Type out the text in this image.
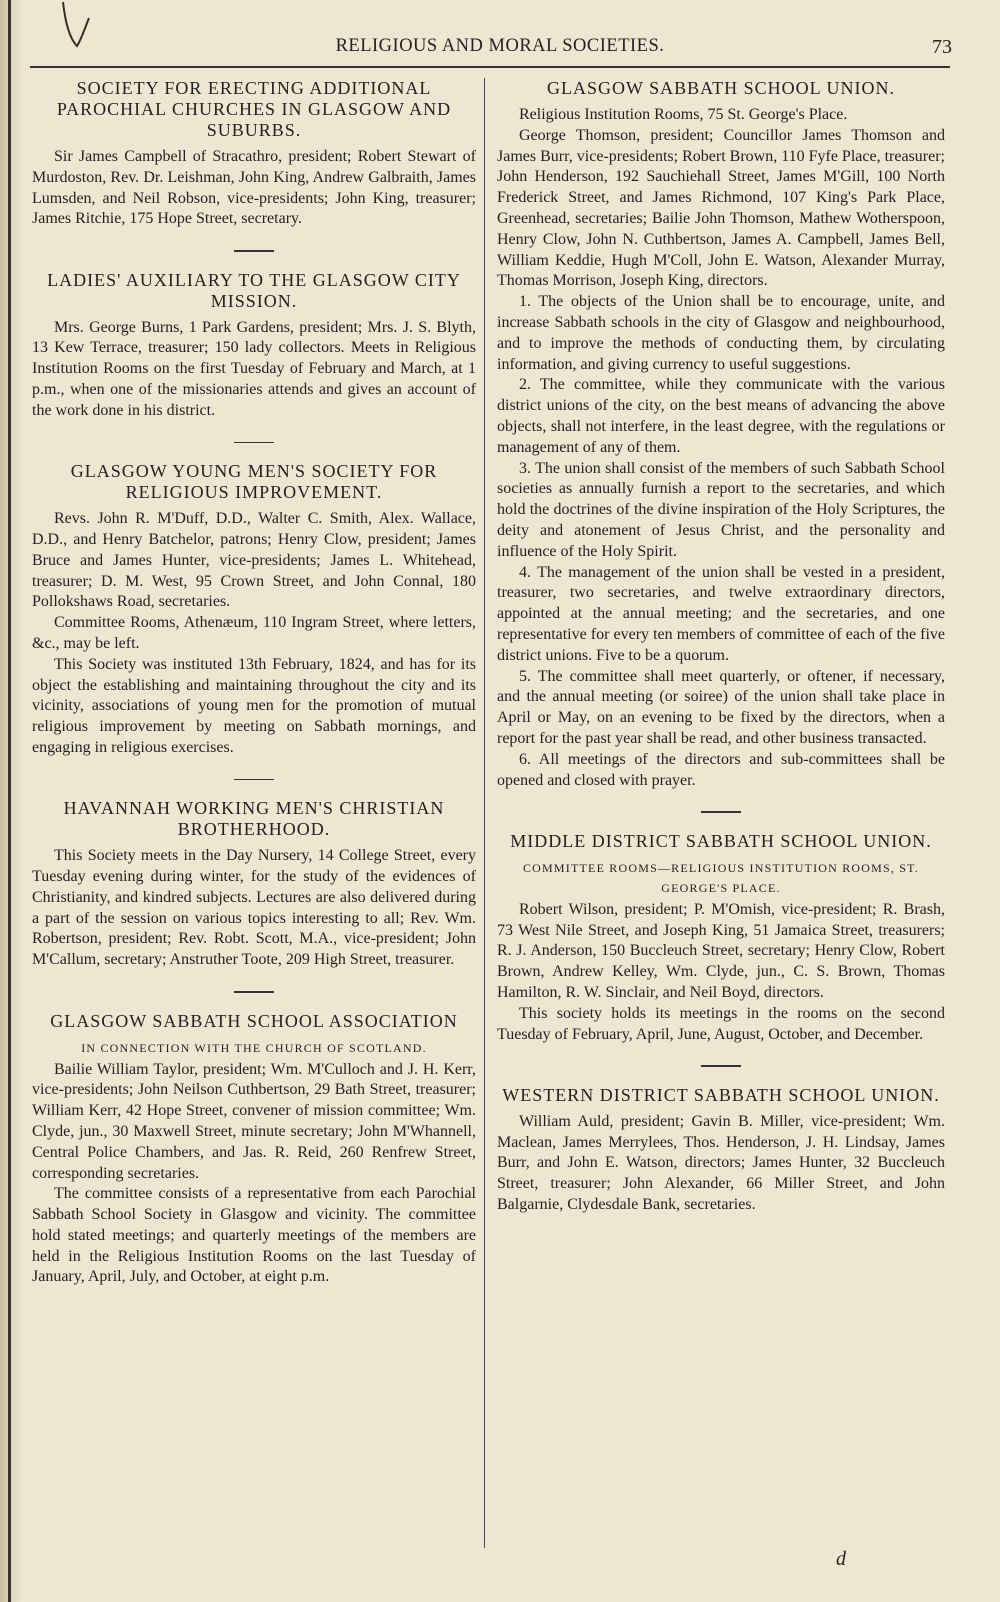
RELIGIOUS AND MORAL SOCIETIES.	73
SOCIETY FOR ERECTING ADDITIONAL PAROCHIAL CHURCHES IN GLASGOW AND SUBURBS.

Sir James Campbell of Stracathro, president; Robert Stewart of Murdoston, Rev. Dr. Leishman, John King, Andrew Galbraith, James Lumsden, and Neil Robson, vice-presidents; John King, treasurer; James Ritchie, 175 Hope Street, secretary.

LADIES' AUXILIARY TO THE GLASGOW CITY MISSION.

Mrs. George Burns, 1 Park Gardens, president; Mrs. J. S. Blyth, 13 Kew Terrace, treasurer; 150 lady collectors. Meets in Religious Institution Rooms on the first Tuesday of February and March, at 1 p.m., when one of the missionaries attends and gives an account of the work done in his district.

GLASGOW YOUNG MEN'S SOCIETY FOR RELIGIOUS IMPROVEMENT.

Revs. John R. M'Duff, D.D., Walter C. Smith, Alex. Wallace, D.D., and Henry Batchelor, patrons; Henry Clow, president; James Bruce and James Hunter, vice-presidents; James L. Whitehead, treasurer; D. M. West, 95 Crown Street, and John Connal, 180 Pollokshaws Road, secretaries.

Committee Rooms, Athenæum, 110 Ingram Street, where letters, &c., may be left.

This Society was instituted 13th February, 1824, and has for its object the establishing and maintaining throughout the city and its vicinity, associations of young men for the promotion of mutual religious improvement by meeting on Sabbath mornings, and engaging in religious exercises.

HAVANNAH WORKING MEN'S CHRISTIAN BROTHERHOOD.

This Society meets in the Day Nursery, 14 College Street, every Tuesday evening during winter, for the study of the evidences of Christianity, and kindred subjects. Lectures are also delivered during a part of the session on various topics interesting to all; Rev. Wm. Robertson, president; Rev. Robt. Scott, M.A., vice-president; John M'Callum, secretary; Anstruther Toote, 209 High Street, treasurer.

GLASGOW SABBATH SCHOOL ASSOCIATION
IN CONNECTION WITH THE CHURCH OF SCOTLAND.

Bailie William Taylor, president; Wm. M'Culloch and J. H. Kerr, vice-presidents; John Neilson Cuthbertson, 29 Bath Street, treasurer; William Kerr, 42 Hope Street, convener of mission committee; Wm. Clyde, jun., 30 Maxwell Street, minute secretary; John M'Whannell, Central Police Chambers, and Jas. R. Reid, 260 Renfrew Street, corresponding secretaries.

The committee consists of a representative from each Parochial Sabbath School Society in Glasgow and vicinity. The committee hold stated meetings; and quarterly meetings of the members are held in the Religious Institution Rooms on the last Tuesday of January, April, July, and October, at eight p.m.

GLASGOW SABBATH SCHOOL UNION.

Religious Institution Rooms, 75 St. George's Place.

George Thomson, president; Councillor James Thomson and James Burr, vice-presidents; Robert Brown, 110 Fyfe Place, treasurer; John Henderson, 192 Sauchiehall Street, James M'Gill, 100 North Frederick Street, and James Richmond, 107 King's Park Place, Greenhead, secretaries; Bailie John Thomson, Mathew Wotherspoon, Henry Clow, John N. Cuthbertson, James A. Campbell, James Bell, William Keddie, Hugh M'Coll, John E. Watson, Alexander Murray, Thomas Morrison, Joseph King, directors.

1. The objects of the Union shall be to encourage, unite, and increase Sabbath schools in the city of Glasgow and neighbourhood, and to improve the methods of conducting them, by circulating information, and giving currency to useful suggestions.

2. The committee, while they communicate with the various district unions of the city, on the best means of advancing the above objects, shall not interfere, in the least degree, with the regulations or management of any of them.

3. The union shall consist of the members of such Sabbath School societies as annually furnish a report to the secretaries, and which hold the doctrines of the divine inspiration of the Holy Scriptures, the deity and atonement of Jesus Christ, and the personality and influence of the Holy Spirit.

4. The management of the union shall be vested in a president, treasurer, two secretaries, and twelve extraordinary directors, appointed at the annual meeting; and the secretaries, and one representative for every ten members of committee of each of the five district unions. Five to be a quorum.

5. The committee shall meet quarterly, or oftener, if necessary, and the annual meeting (or soiree) of the union shall take place in April or May, on an evening to be fixed by the directors, when a report for the past year shall be read, and other business transacted.

6. All meetings of the directors and sub-committees shall be opened and closed with prayer.

MIDDLE DISTRICT SABBATH SCHOOL UNION.
COMMITTEE ROOMS—RELIGIOUS INSTITUTION ROOMS, ST. GEORGE'S PLACE.

Robert Wilson, president; P. M'Omish, vice-president; R. Brash, 73 West Nile Street, and Joseph King, 51 Jamaica Street, treasurers; R. J. Anderson, 150 Buccleuch Street, secretary; Henry Clow, Robert Brown, Andrew Kelley, Wm. Clyde, jun., C. S. Brown, Thomas Hamilton, R. W. Sinclair, and Neil Boyd, directors.

This society holds its meetings in the rooms on the second Tuesday of February, April, June, August, October, and December.

WESTERN DISTRICT SABBATH SCHOOL UNION.

William Auld, president; Gavin B. Miller, vice-president; Wm. Maclean, James Merrylees, Thos. Henderson, J. H. Lindsay, James Burr, and John E. Watson, directors; James Hunter, 32 Buccleuch Street, treasurer; John Alexander, 66 Miller Street, and John Balgarnie, Clydesdale Bank, secretaries.

d
